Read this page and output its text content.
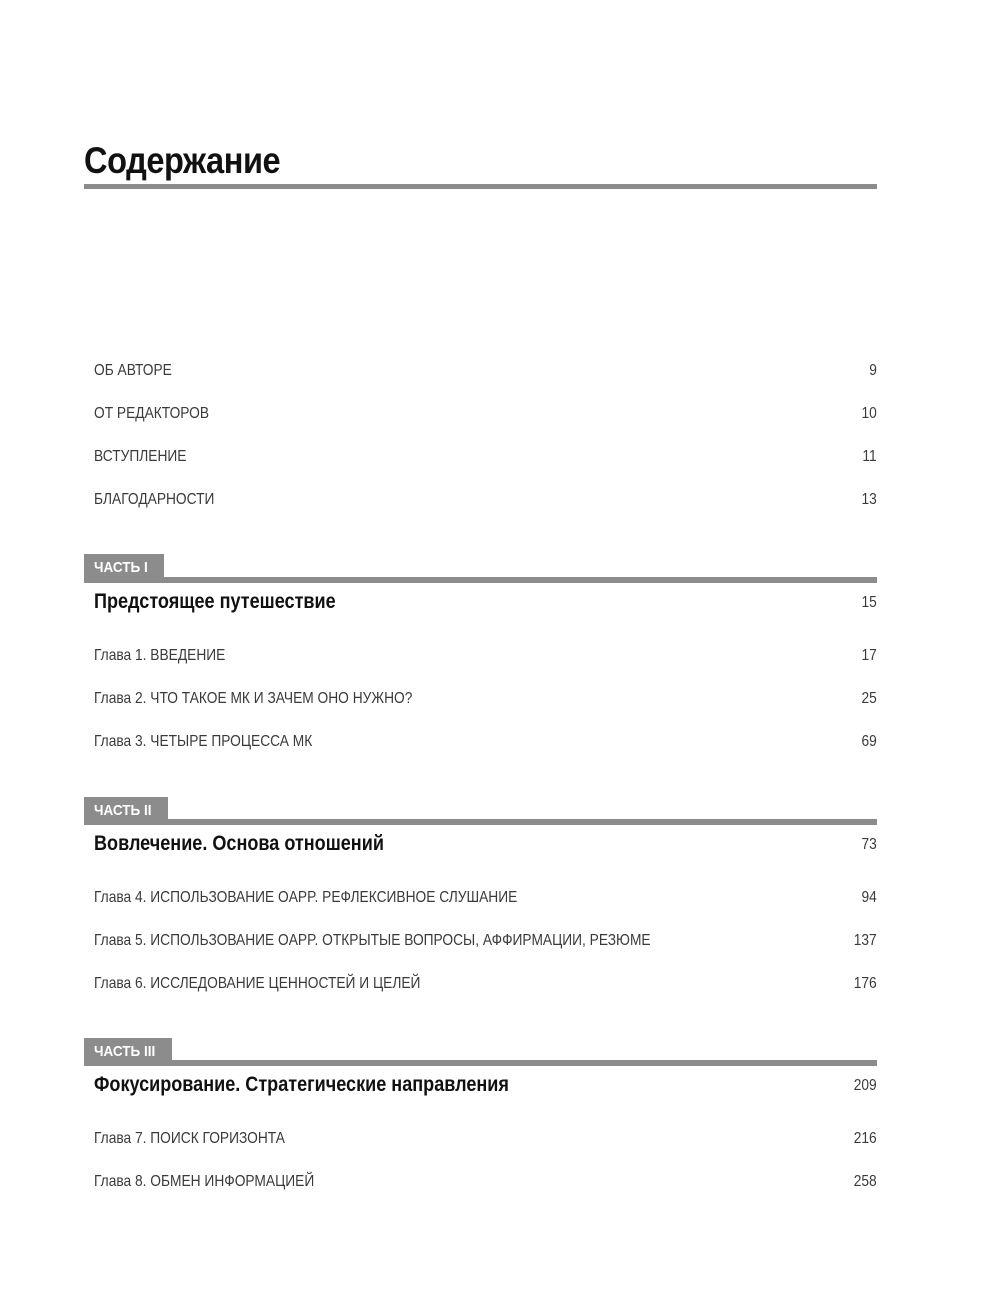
Содержание
ОБ АВТОРЕ	9
ОТ РЕДАКТОРОВ	10
ВСТУПЛЕНИЕ	11
БЛАГОДАРНОСТИ	13
ЧАСТЬ I
Предстоящее путешествие	15
Глава 1. ВВЕДЕНИЕ	17
Глава 2. ЧТО ТАКОЕ МК И ЗАЧЕМ ОНО НУЖНО?	25
Глава 3. ЧЕТЫРЕ ПРОЦЕССА МК	69
ЧАСТЬ II
Вовлечение. Основа отношений	73
Глава 4. ИСПОЛЬЗОВАНИЕ OAPP. РЕФЛЕКСИВНОЕ СЛУШАНИЕ	94
Глава 5. ИСПОЛЬЗОВАНИЕ OAPP. ОТКРЫТЫЕ ВОПРОСЫ, АФФИРМАЦИИ, РЕЗЮМЕ	137
Глава 6. ИССЛЕДОВАНИЕ ЦЕННОСТЕЙ И ЦЕЛЕЙ	176
ЧАСТЬ III
Фокусирование. Стратегические направления	209
Глава 7. ПОИСК ГОРИЗОНТА	216
Глава 8. ОБМЕН ИНФОРМАЦИЕЙ	258
